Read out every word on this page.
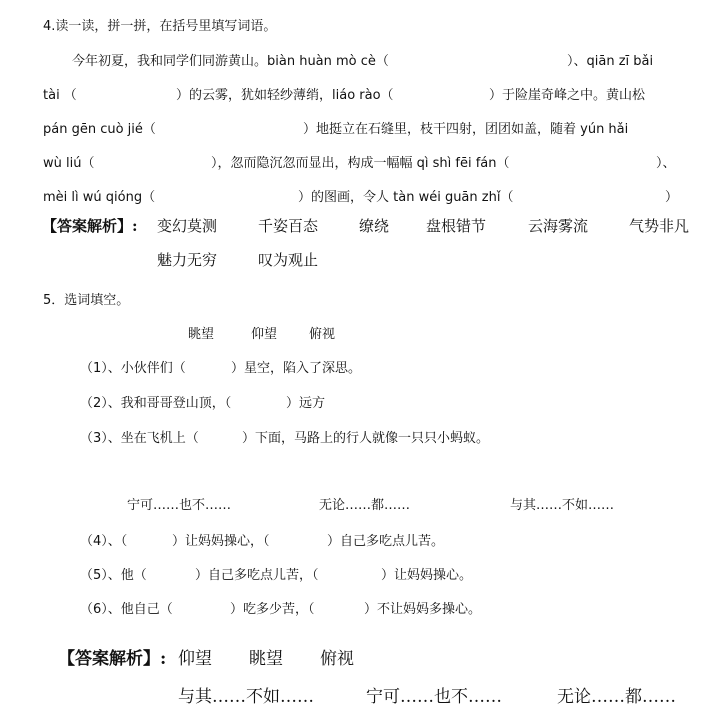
4.读一读，拼一拼，在括号里填写词语。
今年初夏，我和同学们同游黄山。biàn huàn mò cè（	）、qiān zī bǎi
tài （	）的云雾，犹如轻纱薄绡，liáo rào（	）于险崖奇峰之中。黄山松
pán gēn cuò jié（	）地挺立在石缝里，枝干四射，团团如盖，随着 yún hǎi
wù liú（	），忽而隐沉忽而显出，构成一幅幅 qì shì fēi fán（	）、
mèi lì wú qióng（	）的图画，令人 tàn wéi guān zhǐ（	）
【答案解析】: 变幻莫测	千姿百态	缭绕 盘根错节	云海雾流	气势非凡
魅力无穷	叹为观止
5．选词填空。
眺望	仰望 俯视
（1）、小伙伴们（	）星空，陷入了深思。
（2）、我和哥哥登山顶，（	）远方
（3）、坐在飞机上（	）下面，马路上的行人就像一只只小蚂蚁。
宁可……也不……	无论……都……	与其……不如……
（4）、（	）让妈妈操心，（	）自己多吃点儿苦。
（5）、他（	）自己多吃点儿苦，（	）让妈妈操心。
（6）、他自己（	）吃多少苦，（	）不让妈妈多操心。
【答案解析】: 仰望 眺望 俯视
与其……不如……	宁可……也不……	无论……都……
